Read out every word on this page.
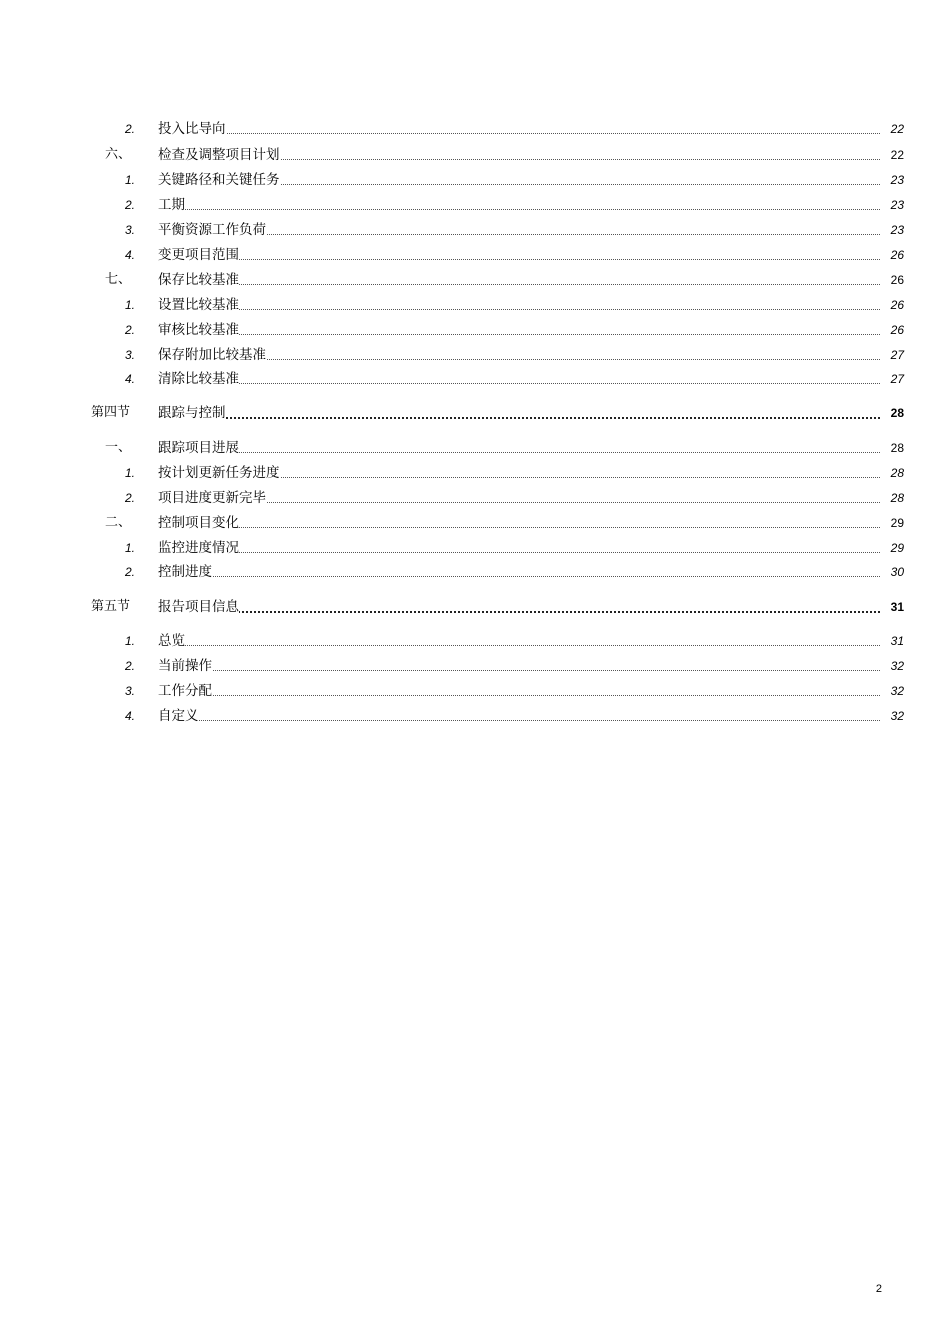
2. 投入比导向	22
六、 检查及调整项目计划	22
1. 关键路径和关键任务	23
2. 工期	23
3. 平衡资源工作负荷	23
4. 变更项目范围	26
七、 保存比较基准	26
1. 设置比较基准	26
2. 审核比较基准	26
3. 保存附加比较基准	27
4. 清除比较基准	27
第四节 跟踪与控制	28
一、 跟踪项目进展	28
1. 按计划更新任务进度	28
2. 项目进度更新完毕	28
二、 控制项目变化	29
1. 监控进度情况	29
2. 控制进度	30
第五节 报告项目信息	31
1. 总览	31
2. 当前操作	32
3. 工作分配	32
4. 自定义	32
2
